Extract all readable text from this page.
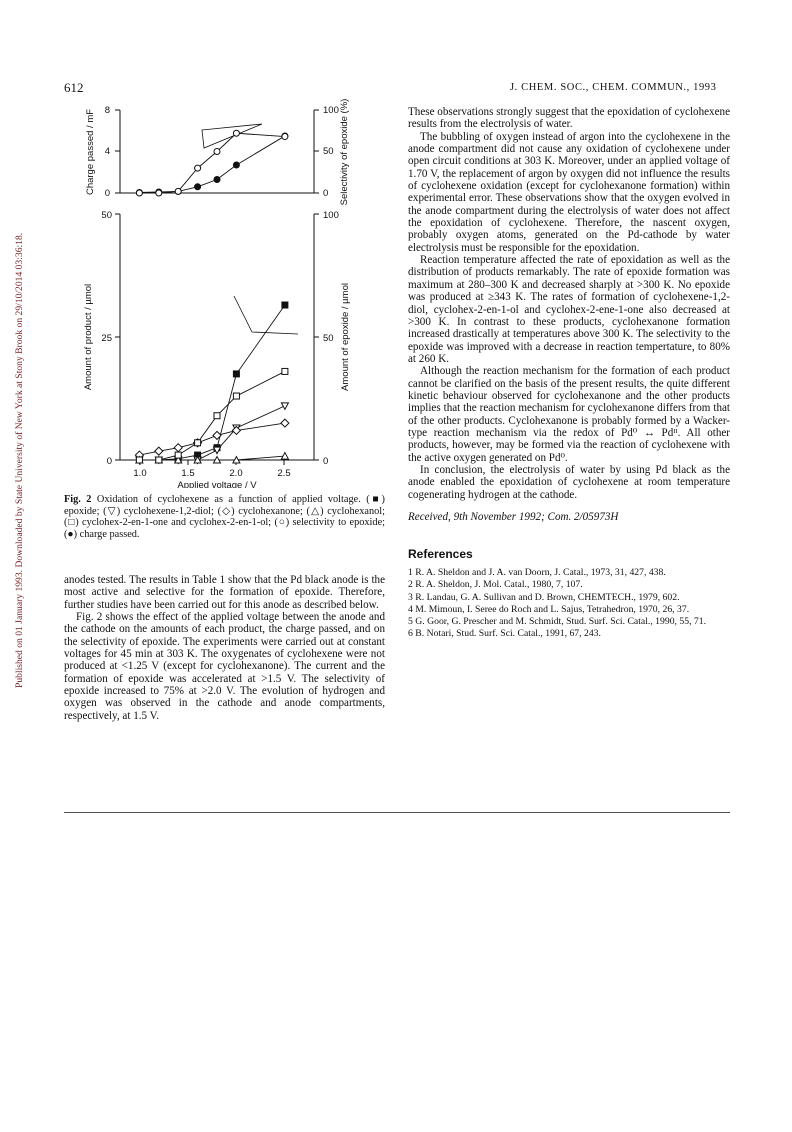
Published on 01 January 1993. Downloaded by State University of New York at Stony Brook on 29/10/2014 03:36:18.
612	J. CHEM. SOC., CHEM. COMMUN., 1993
8
4
0
100
50
0
50
25
0
100
50
0
1.0	1.5	2.0	2.5
Applied voltage / V
Charge passed / mF	Selectivity of epoxide (%)
Amount of product / µmol	Amount of epoxide / µmol
Fig. 2 Oxidation of cyclohexene as a function of applied voltage. (■) epoxide; (▽) cyclohexene-1,2-diol; (◇) cyclohexanone; (△) cyclohexanol; (□) cyclohex-2-en-1-one and cyclohex-2-en-1-ol; (○) selectivity to epoxide; (●) charge passed.

anodes tested. The results in Table 1 show that the Pd black anode is the most active and selective for the formation of epoxide. Therefore, further studies have been carried out for this anode as described below.

Fig. 2 shows the effect of the applied voltage between the anode and the cathode on the amounts of each product, the charge passed, and on the selectivity of epoxide. The experiments were carried out at constant voltages for 45 min at 303 K. The oxygenates of cyclohexene were not produced at <1.25 V (except for cyclohexanone). The current and the formation of epoxide was accelerated at >1.5 V. The selectivity of epoxide increased to 75% at >2.0 V. The evolution of hydrogen and oxygen was observed in the cathode and anode compartments, respectively, at 1.5 V.

These observations strongly suggest that the epoxidation of cyclohexene results from the electrolysis of water.

The bubbling of oxygen instead of argon into the cyclohexene in the anode compartment did not cause any oxidation of cyclohexene under open circuit conditions at 303 K. Moreover, under an applied voltage of 1.70 V, the replacement of argon by oxygen did not influence the results of cyclohexene oxidation (except for cyclohexanone formation) within experimental error. These observations show that the oxygen evolved in the anode compartment during the electrolysis of water does not affect the epoxidation of cyclohexene. Therefore, the nascent oxygen, probably oxygen atoms, generated on the Pd-cathode by water electrolysis must be responsible for the epoxidation.

Reaction temperature affected the rate of epoxidation as well as the distribution of products remarkably. The rate of epoxide formation was maximum at 280–300 K and decreased sharply at >300 K. No epoxide was produced at ≥343 K. The rates of formation of cyclohexene-1,2-diol, cyclohex-2-en-1-ol and cyclohex-2-ene-1-one also decreased at >300 K. In contrast to these products, cyclohexanone formation increased drastically at temperatures above 300 K. The selectivity to the epoxide was improved with a decrease in reaction tempertature, to 80% at 260 K.

Although the reaction mechanism for the formation of each product cannot be clarified on the basis of the present results, the quite different kinetic behaviour observed for cyclohexanone and the other products implies that the reaction mechanism for cyclohexanone differs from that of the other products. Cyclohexanone is probably formed by a Wacker-type reaction mechanism via the redox of Pd⁰ ↔ Pdᴵᴵ. All other products, however, may be formed via the reaction of cyclohexene with the active oxygen generated on Pd⁰.

In conclusion, the electrolysis of water by using Pd black as the anode enabled the epoxidation of cyclohexene at room temperature cogenerating hydrogen at the cathode.

Received, 9th November 1992; Com. 2/05973H
References
1 R. A. Sheldon and J. A. van Doorn, J. Catal., 1973, 31, 427, 438.
2 R. A. Sheldon, J. Mol. Catal., 1980, 7, 107.
3 R. Landau, G. A. Sullivan and D. Brown, CHEMTECH., 1979, 602.
4 M. Mimoun, I. Seree do Roch and L. Sajus, Tetrahedron, 1970, 26, 37.
5 G. Goor, G. Prescher and M. Schmidt, Stud. Surf. Sci. Catal., 1990, 55, 71.
6 B. Notari, Stud. Surf. Sci. Catal., 1991, 67, 243.
